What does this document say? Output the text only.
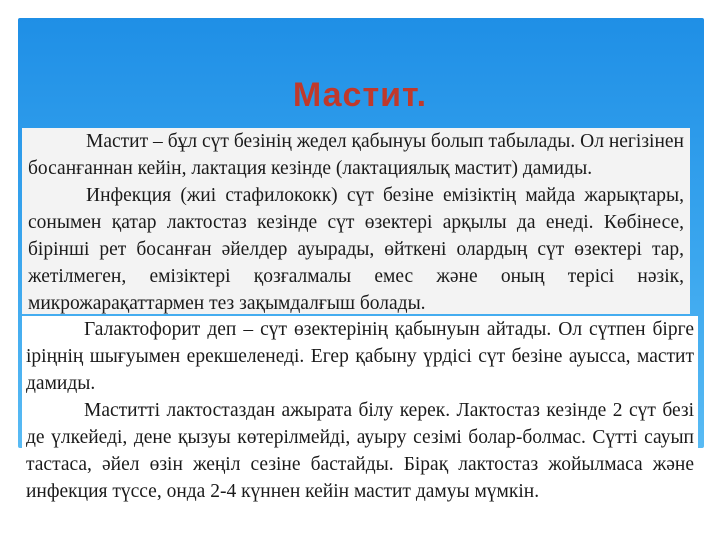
Мастит.

Мастит – бұл сүт безінің жедел қабынуы болып табылады. Ол негізінен босанғаннан кейін, лактация кезінде (лактациялық мастит) дамиды.

Инфекция (жиі стафилококк) сүт безіне емізіктің майда жарықтары, сонымен қатар лактостаз кезінде сүт өзектері арқылы да енеді. Көбінесе, бірінші рет босанған әйелдер ауырады, өйткені олардың сүт өзектері тар, жетілмеген, емізіктері қозғалмалы емес және оның терісі нәзік, микрожарақаттармен тез зақымдалғыш болады.

Галактофорит деп – сүт өзектерінің қабынуын айтады. Ол сүтпен бірге іріңнің шығуымен ерекшеленеді. Егер қабыну үрдісі сүт безіне ауысса, мастит дамиды.

Маститті лактостаздан ажырата білу керек. Лактостаз кезінде 2 сүт безі де үлкейеді, дене қызуы көтерілмейді, ауыру сезімі болар-болмас. Сүтті сауып тастаса, әйел өзін жеңіл сезіне бастайды. Бірақ лактостаз жойылмаса және инфекция түссе, онда 2-4 күннен кейін мастит дамуы мүмкін.
